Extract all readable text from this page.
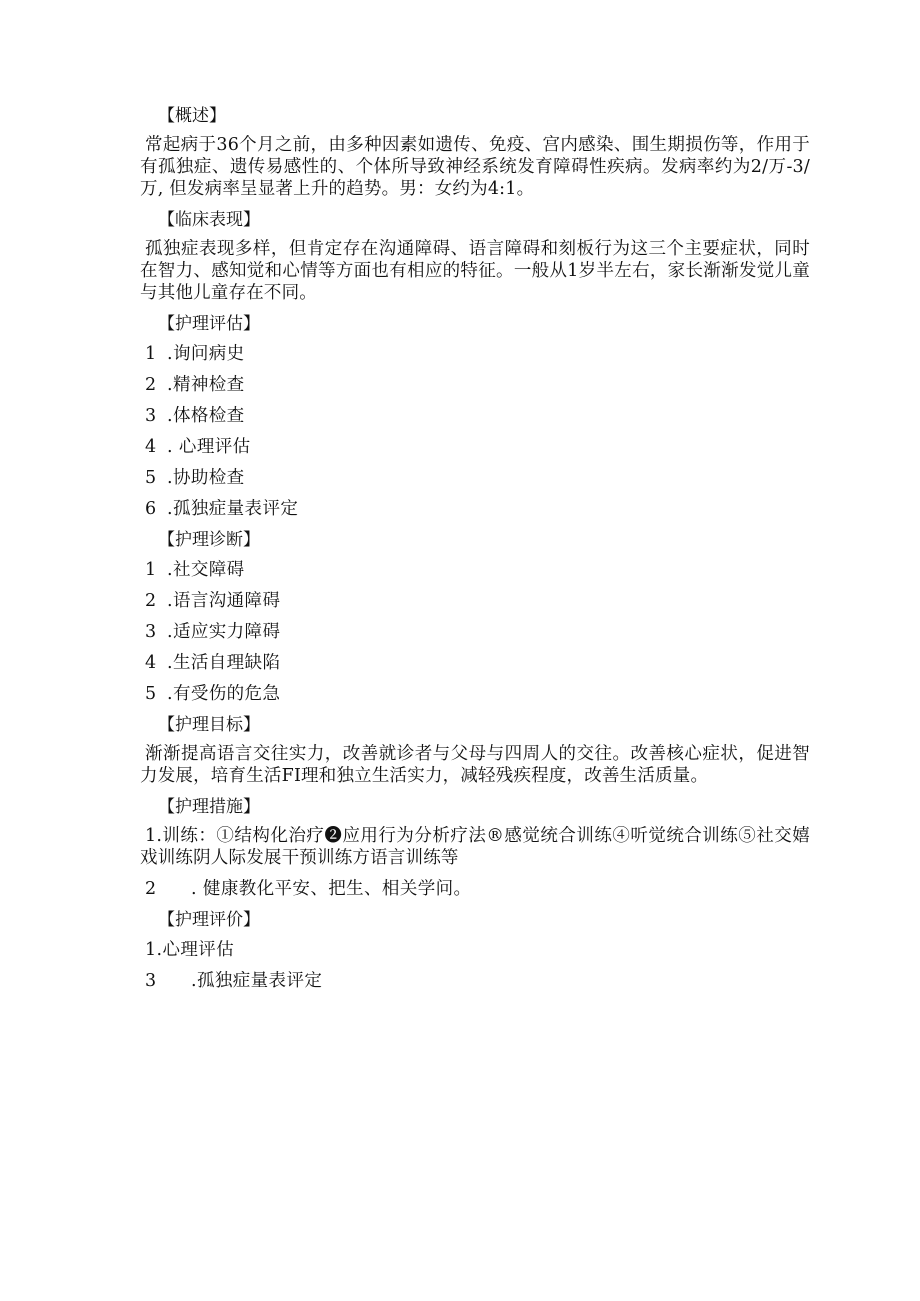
【概述】
常起病于36个月之前，由多种因素如遗传、免疫、宫内感染、围生期损伤等，作用于有孤独症、遗传易感性的、个体所导致神经系统发育障碍性疾病。发病率约为2/万-3/万, 但发病率呈显著上升的趋势。男：女约为4:1。
【临床表现】
孤独症表现多样，但肯定存在沟通障碍、语言障碍和刻板行为这三个主要症状，同时在智力、感知觉和心情等方面也有相应的特征。一般从1岁半左右，家长渐渐发觉儿童与其他儿童存在不同。
【护理评估】
1 .询问病史
2 .精神检查
3 .体格检查
4 . 心理评估
5 .协助检查
6 .孤独症量表评定
【护理诊断】
1 .社交障碍
2 .语言沟通障碍
3 .适应实力障碍
4 .生活自理缺陷
5 .有受伤的危急
【护理目标】
渐渐提高语言交往实力，改善就诊者与父母与四周人的交往。改善核心症状，促进智力发展，培育生活FI理和独立生活实力，减轻残疾程度，改善生活质量。
【护理措施】
1.训练：①结构化治疗❷应用行为分析疗法®感觉统合训练④听觉统合训练⑤社交嬉戏训练阴人际发展干预训练方语言训练等
2 . 健康教化平安、把生、相关学问。
【护理评价】
1.心理评估
3 .孤独症量表评定
